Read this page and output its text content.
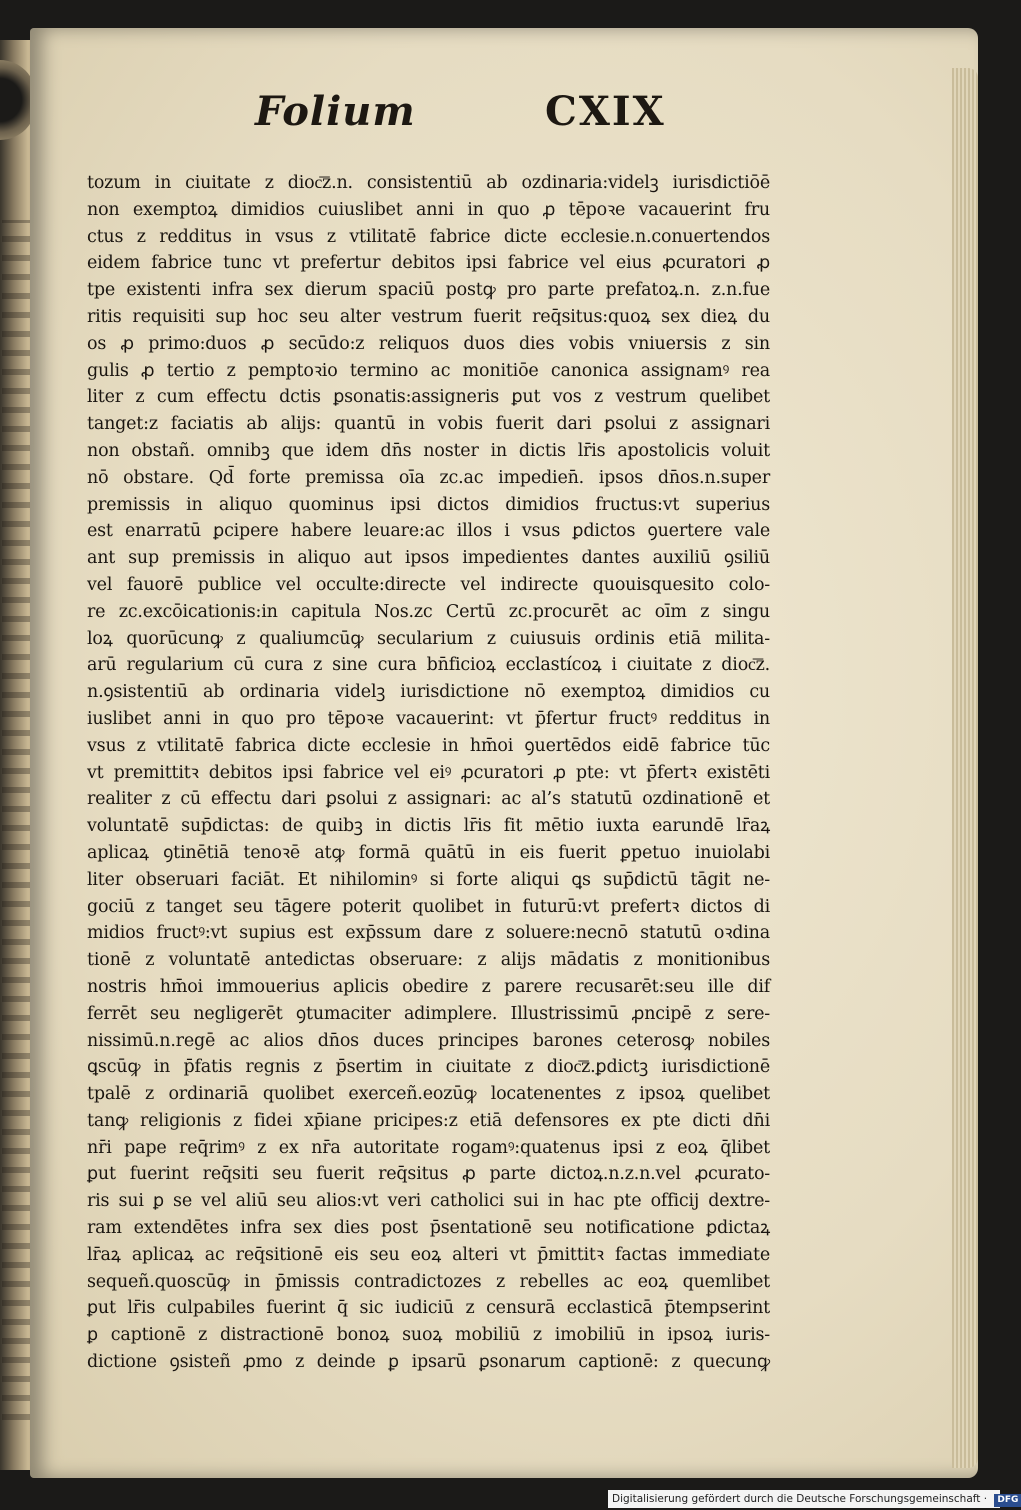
Folium	CXIX
tozum in ciuitate z dioc͞z.n. consistentiū ab ozdinaria:videlꝫ iurisdictiōē
non exemptoꝝ dimidios cuiuslibet anni in quo ꝓ tēpoꝛe vacauerint fru
ctus z redditus in vsus z vtilitatē fabrice dicte ecclesie.n.conuertendos
eidem fabrice tunc vt prefertur debitos ipsi fabrice vel eius ꝓcuratori ꝓ
tpe existenti infra sex dierum spaciū postꝙ pro parte prefatoꝝ.n. z.n.fue
ritis requisiti sup hoc seu alter vestrum fuerit req̄situs:quoꝝ sex dieꝝ du
os ꝓ primo:duos ꝓ secūdo:z reliquos duos dies vobis vniuersis z sin
gulis ꝓ tertio z pemptoꝛio termino ac monitiōe canonica assignamꝰ rea
liter z cum effectu dctis ꝑsonatis:assigneris ꝑut vos z vestrum quelibet
tanget:z faciatis ab alijs: quantū in vobis fuerit dari ꝑsolui z assignari
non obstañ. omnibꝫ que idem dn̄s noster in dictis lr̄is apostolicis voluit
nō obstare. Qd̄ forte premissa oīa zc.ac impedien̄. ipsos dn̄os.n.super
premissis in aliquo quominus ipsi dictos dimidios fructus:vt superius
est enarratū ꝑcipere habere leuare:ac illos i vsus ꝑdictos ꝯuertere vale
ant sup premissis in aliquo aut ipsos impedientes dantes auxiliū ꝯsiliū
vel fauorē publice vel occulte:directe vel indirecte quouisquesito colo-
re zc.excōicationis:in capitula Nos.zc Certū zc.procurēt ac oīm z singu
loꝝ quorūcunꝙ z qualiumcūꝙ secularium z cuiusuis ordinis etiā milita-
arū regularium cū cura z sine cura bn̄ficioꝝ ecclastícoꝝ i ciuitate z dioc͞z.
n.ꝯsistentiū ab ordinaria videlꝫ iurisdictione nō exemptoꝝ dimidios cu
iuslibet anni in quo pro tēpoꝛe vacauerint: vt p̄fertur fructꝰ redditus in
vsus z vtilitatē fabrica dicte ecclesie in hm̄oi ꝯuertēdos eidē fabrice tūc
vt premittitꝛ debitos ipsi fabrice vel eiꝰ ꝓcuratori ꝓ pte: vt p̄fertꝛ existēti
realiter z cū effectu dari ꝑsolui z assignari: ac al’s statutū ozdinationē et
voluntatē sup̄dictas: de quibꝫ in dictis lr̄is fit mētio iuxta earundē lr̄aꝝ
aplicaꝝ ꝯtinētiā tenoꝛē atꝙ formā quātū in eis fuerit ꝑpetuo inuiolabi
liter obseruari faciāt. Et nihilominꝰ si forte aliqui ꝗs sup̄dictū tāgit ne-
gociū z tanget seu tāgere poterit quolibet in futurū:vt prefertꝛ dictos di
midios fructꝰ:vt supius est exp̄ssum dare z soluere:necnō statutū oꝛdina
tionē z voluntatē antedictas obseruare: z alijs mādatis z monitionibus
nostris hm̄oi immouerius aplicis obedire z parere recusarēt:seu ille dif
ferrēt seu negligerēt ꝯtumaciter adimplere. Illustrissimū ꝓncipē z sere-
nissimū.n.regē ac alios dn̄os duces principes barones ceterosꝙ nobiles
ꝗscūꝙ in p̄fatis regnis z p̄sertim in ciuitate z dioc͞z.ꝑdictꝫ iurisdictionē
tpalē z ordinariā quolibet exerceñ.eozūꝙ locatenentes z ipsoꝝ quelibet
tanꝙ religionis z fidei xp̄iane pricipes:z etiā defensores ex pte dicti dn̄i
nr̄i pape req̄rimꝰ z ex nr̄a autoritate rogamꝰ:quatenus ipsi z eoꝝ q̄libet
ꝑut fuerint req̄siti seu fuerit req̄situs ꝓ parte dictoꝝ.n.z.n.vel ꝓcurato-
ris sui ꝑ se vel aliū seu alios:vt veri catholici sui in hac pte officij dextre-
ram extendētes infra sex dies post p̄sentationē seu notificatione ꝑdictaꝝ
lr̄aꝝ aplicaꝝ ac req̄sitionē eis seu eoꝝ alteri vt p̄mittitꝛ factas immediate
sequeñ.quoscūꝙ in p̄missis contradictozes z rebelles ac eoꝝ quemlibet
ꝑut lr̄is culpabiles fuerint q̄ sic iudiciū z censurā ecclasticā p̄tempserint
ꝑ captionē z distractionē bonoꝝ suoꝝ mobiliū z imobiliū in ipsoꝝ iuris-
dictione ꝯsisteñ ꝓmo z deinde ꝑ ipsarū ꝑsonarum captionē: z quecunꝙ
Digitalisierung gefördert durch die Deutsche Forschungsgemeinschaft · DFG
